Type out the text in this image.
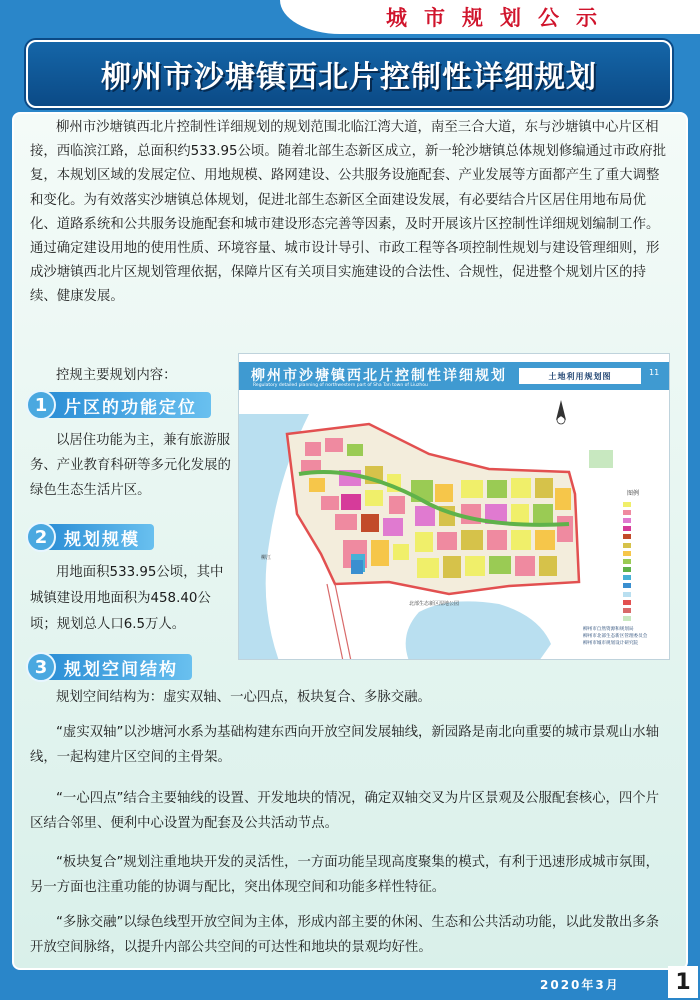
城市规划公示
柳州市沙塘镇西北片控制性详细规划

柳州市沙塘镇西北片控制性详细规划的规划范围北临江湾大道，南至三合大道，东与沙塘镇中心片区相接，西临滨江路，总面积约533.95公顷。随着北部生态新区成立，新一轮沙塘镇总体规划修编通过市政府批复，本规划区域的发展定位、用地规模、路网建设、公共服务设施配套、产业发展等方面都产生了重大调整和变化。为有效落实沙塘镇总体规划，促进北部生态新区全面建设发展，有必要结合片区居住用地布局优化、道路系统和公共服务设施配套和城市建设形态完善等因素，及时开展该片区控制性详细规划编制工作。通过确定建设用地的使用性质、环境容量、城市设计导引、市政工程等各项控制性规划与建设管理细则，形成沙塘镇西北片区规划管理依据，保障片区有关项目实施建设的合法性、合规性，促进整个规划片区的持续、健康发展。

控规主要规划内容：

1 片区的功能定位

以居住功能为主，兼有旅游服务、产业教育科研等多元化发展的绿色生态生活片区。

2 规划规模

用地面积533.95公顷，其中城镇建设用地面积为458.40公顷；规划总人口6.5万人。

3 规划空间结构

规划空间结构为：虚实双轴、一心四点，板块复合、多脉交融。

“虚实双轴”以沙塘河水系为基础构建东西向开放空间发展轴线，新园路是南北向重要的城市景观山水轴线，一起构建片区空间的主骨架。

“一心四点”结合主要轴线的设置、开发地块的情况，确定双轴交叉为片区景观及公服配套核心，四个片区结合邻里、便利中心设置为配套及公共活动节点。

“板块复合”规划注重地块开发的灵活性，一方面功能呈现高度聚集的模式，有利于迅速形成城市氛围，另一方面也注重功能的协调与配比，突出体现空间和功能多样性特征。

“多脉交融”以绿色线型开放空间为主体，形成内部主要的休闲、生态和公共活动功能，以此发散出多条开放空间脉络，以提升内部公共空间的可达性和地块的景观均好性。

柳州市沙塘镇西北片控制性详细规划
Regulatory detailed planning of northwestern part of Sha Tan town of Liuzhou
土地利用规划图	11
图例
北部生态新区湿地公园
柳江
柳州市自然资源和规划局
柳州市北部生态新区管理委员会
柳州市城市规划设计研究院
2020年3月	1
